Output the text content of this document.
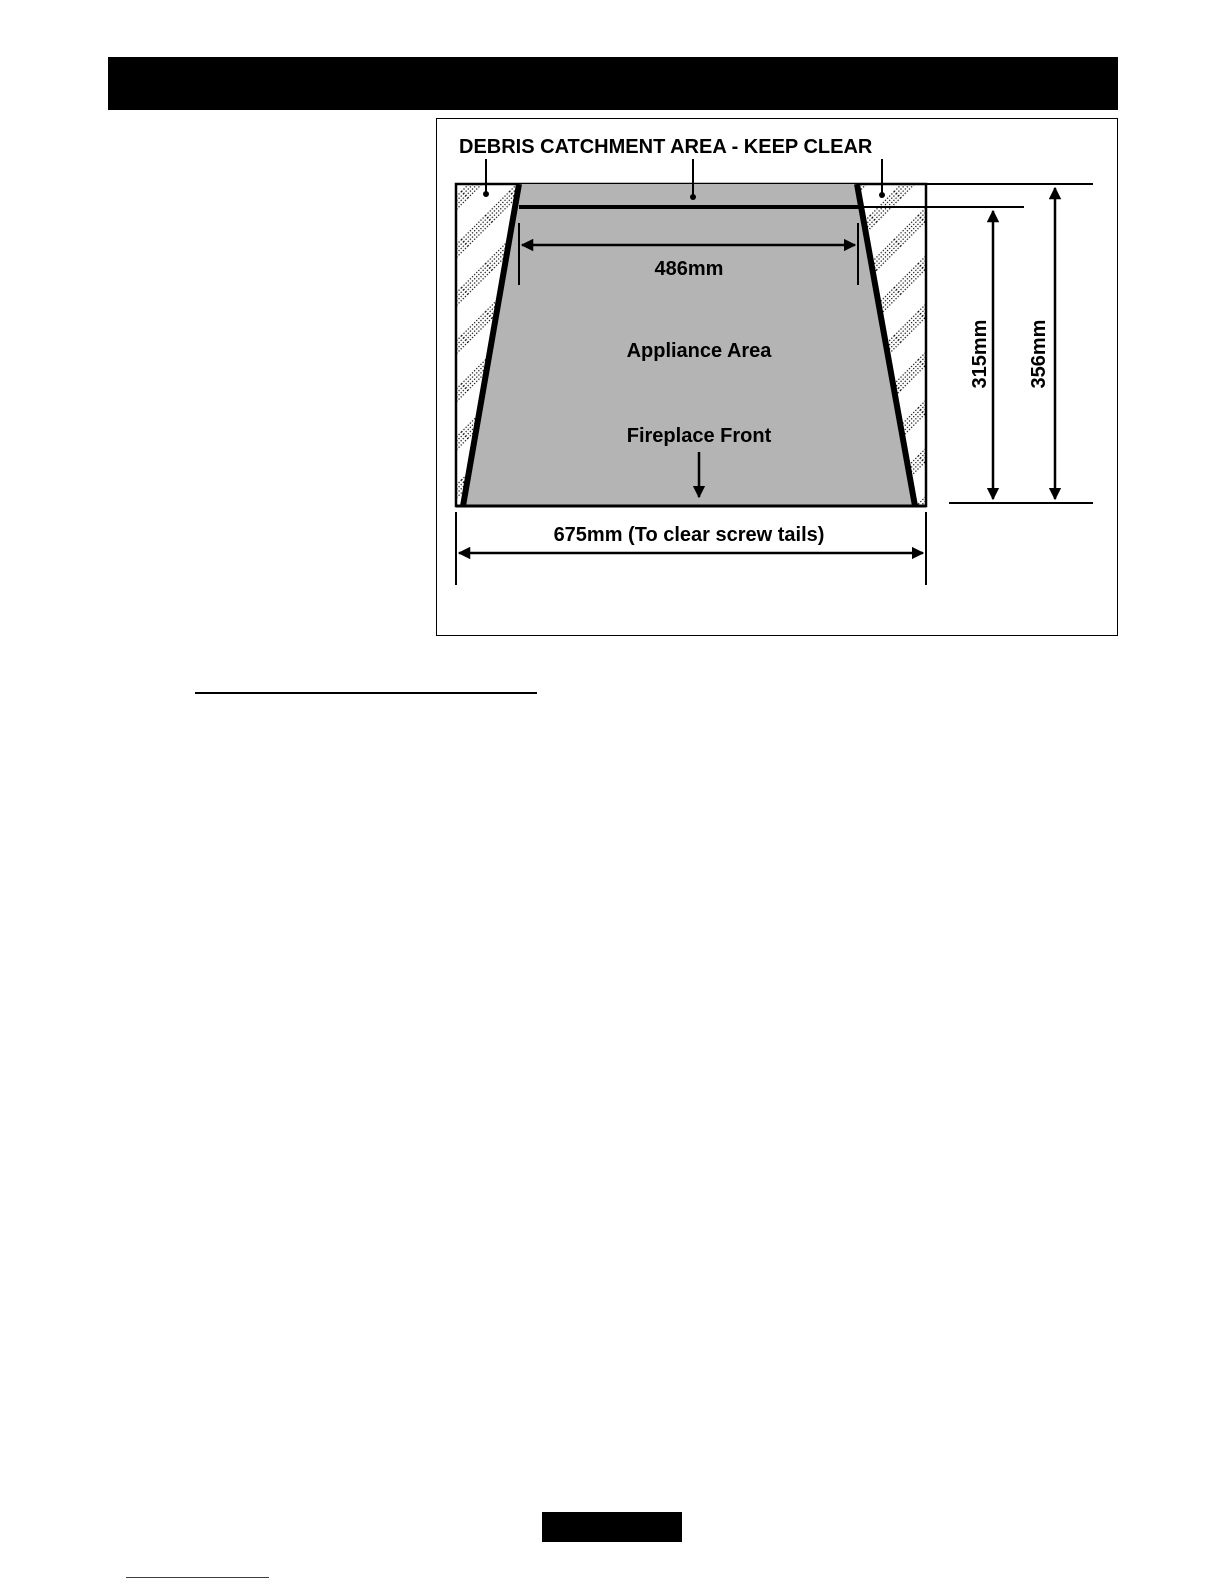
DEBRIS CATCHMENT AREA - KEEP CLEAR
486mm
Appliance Area
Fireplace Front
315mm 356mm
675mm (To clear screw tails)
